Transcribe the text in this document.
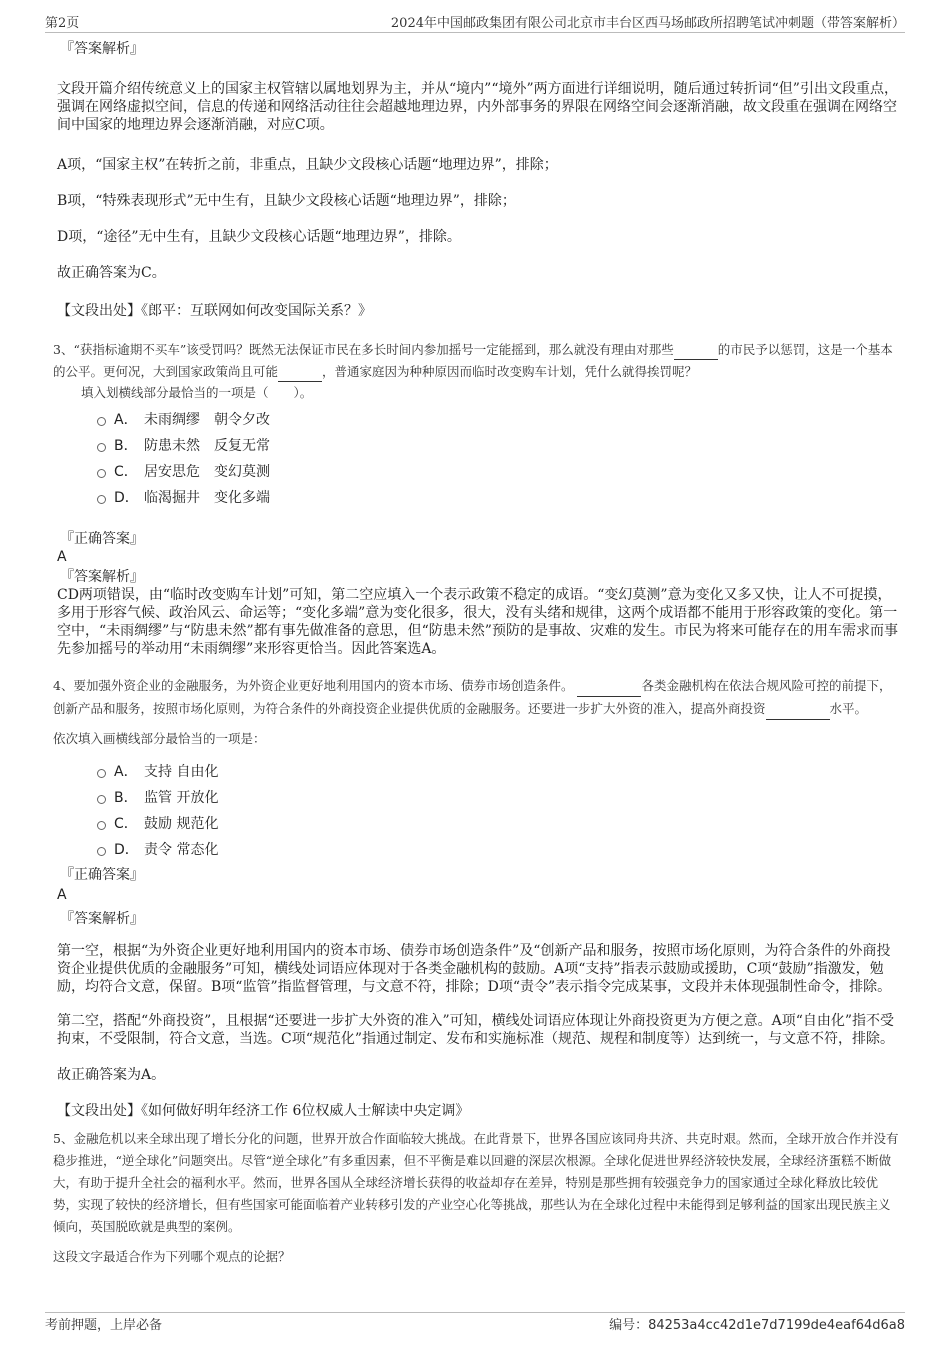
第2页	2024年中国邮政集团有限公司北京市丰台区西马场邮政所招聘笔试冲刺题（带答案解析）

『答案解析』

文段开篇介绍传统意义上的国家主权管辖以属地划界为主，并从“境内”“境外”两方面进行详细说明，随后通过转折词“但”引出文段重点，强调在网络虚拟空间，信息的传递和网络活动往往会超越地理边界，内外部事务的界限在网络空间会逐渐消融，故文段重在强调在网络空间中国家的地理边界会逐渐消融，对应C项。

A项，“国家主权”在转折之前，非重点，且缺少文段核心话题“地理边界”，排除；

B项，“特殊表现形式”无中生有，且缺少文段核心话题“地理边界”，排除；

D项，“途径”无中生有，且缺少文段核心话题“地理边界”，排除。

故正确答案为C。

【文段出处】《郎平：互联网如何改变国际关系？》

3、“获指标逾期不买车”该受罚吗？既然无法保证市民在多长时间内参加摇号一定能摇到，那么就没有理由对那些	的市民予以惩罚，这是一个基本的公平。更何况，大到国家政策尚且可能	，普通家庭因为种种原因而临时改变购车计划，凭什么就得挨罚呢？
填入划横线部分最恰当的一项是（　　）。
A． 未雨绸缪　朝令夕改
B． 防患未然　反复无常
C． 居安思危　变幻莫测
D． 临渴掘井　变化多端

『正确答案』

A

『答案解析』

CD两项错误，由“临时改变购车计划”可知，第二空应填入一个表示政策不稳定的成语。“变幻莫测”意为变化又多又快，让人不可捉摸，多用于形容气候、政治风云、命运等；“变化多端”意为变化很多，很大，没有头绪和规律，这两个成语都不能用于形容政策的变化。第一空中，“未雨绸缪”与“防患未然”都有事先做准备的意思，但“防患未然”预防的是事故、灾难的发生。市民为将来可能存在的用车需求而事先参加摇号的举动用“未雨绸缪”来形容更恰当。因此答案选A。

4、要加强外资企业的金融服务，为外资企业更好地利用国内的资本市场、债券市场创造条件。	各类金融机构在依法合规风险可控的前提下，创新产品和服务，按照市场化原则，为符合条件的外商投资企业提供优质的金融服务。还要进一步扩大外资的准入，提高外商投资	水平。
依次填入画横线部分最恰当的一项是：
A． 支持 自由化
B． 监管 开放化
C． 鼓励 规范化
D． 责令 常态化

『正确答案』

A

『答案解析』

第一空，根据“为外资企业更好地利用国内的资本市场、债券市场创造条件”及“创新产品和服务，按照市场化原则，为符合条件的外商投资企业提供优质的金融服务”可知，横线处词语应体现对于各类金融机构的鼓励。A项“支持”指表示鼓励或援助，C项“鼓励”指激发，勉励，均符合文意，保留。B项“监管”指监督管理，与文意不符，排除；D项“责令”表示指令完成某事，文段并未体现强制性命令，排除。

第二空，搭配“外商投资”，且根据“还要进一步扩大外资的准入”可知，横线处词语应体现让外商投资更为方便之意。A项“自由化”指不受拘束，不受限制，符合文意，当选。C项“规范化”指通过制定、发布和实施标准（规范、规程和制度等）达到统一，与文意不符，排除。

故正确答案为A。

【文段出处】《如何做好明年经济工作 6位权威人士解读中央定调》

5、金融危机以来全球出现了增长分化的问题，世界开放合作面临较大挑战。在此背景下，世界各国应该同舟共济、共克时艰。然而，全球开放合作并没有稳步推进，“逆全球化”问题突出。尽管“逆全球化”有多重因素，但不平衡是难以回避的深层次根源。全球化促进世界经济较快发展，全球经济蛋糕不断做大，有助于提升全社会的福利水平。然而，世界各国从全球经济增长获得的收益却存在差异，特别是那些拥有较强竞争力的国家通过全球化释放比较优势，实现了较快的经济增长，但有些国家可能面临着产业转移引发的产业空心化等挑战，那些认为在全球化过程中未能得到足够利益的国家出现民族主义倾向，英国脱欧就是典型的案例。
这段文字最适合作为下列哪个观点的论据？
考前押题，上岸必备	编号：84253a4cc42d1e7d7199de4eaf64d6a8
